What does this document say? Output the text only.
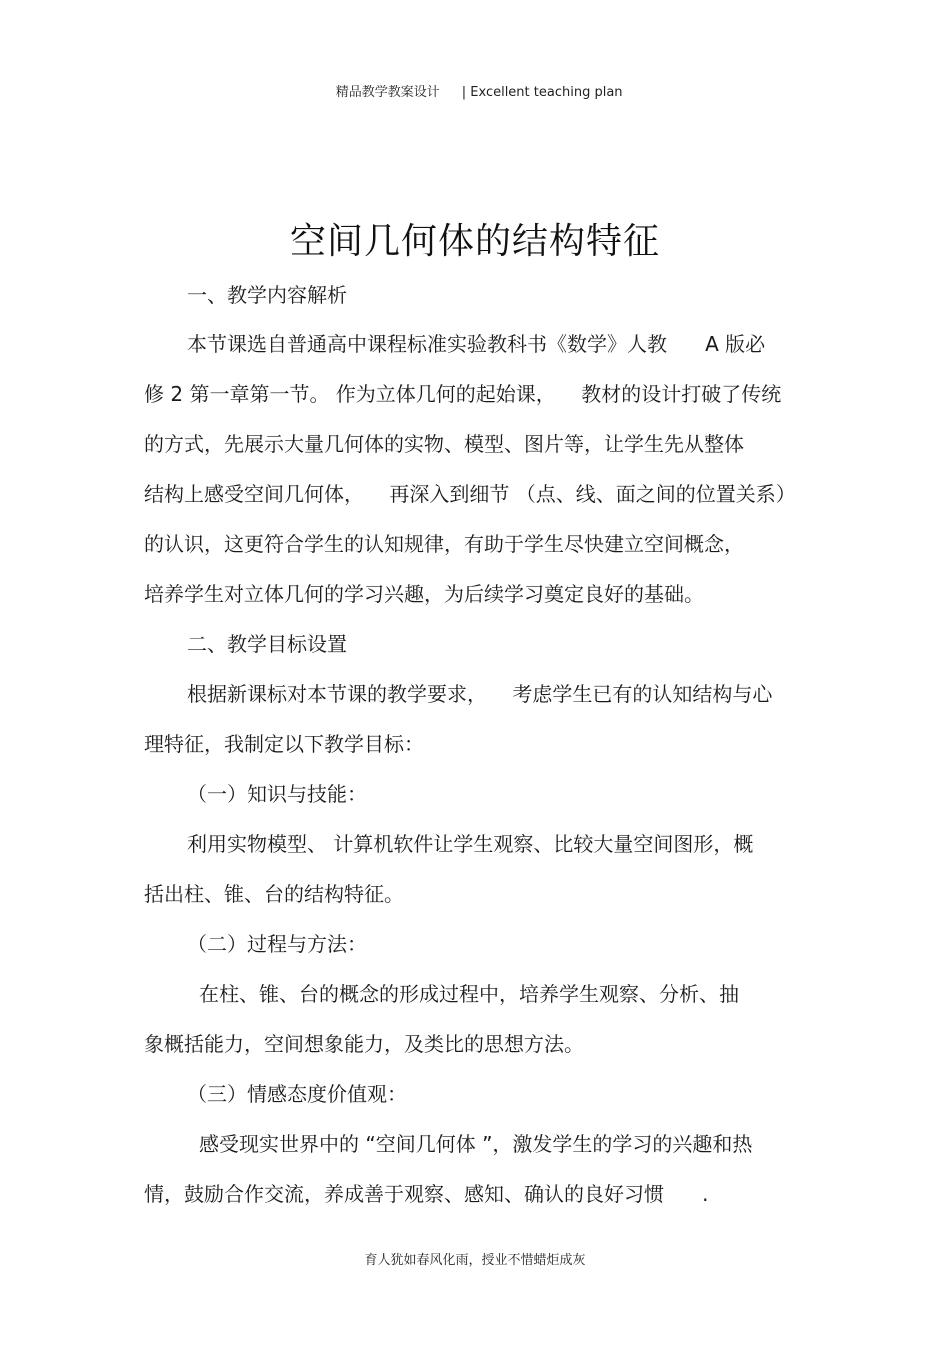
精品教学教案设计 | Excellent teaching plan

空间几何体的结构特征
一、教学内容解析
本节课选自普通高中课程标准实验教科书《数学》人教      A 版必
修 2 第一章第一节。 作为立体几何的起始课，    教材的设计打破了传统
的方式，先展示大量几何体的实物、模型、图片等，让学生先从整体
结构上感受空间几何体，    再深入到细节 （点、线、面之间的位置关系）
的认识，这更符合学生的认知规律，有助于学生尽快建立空间概念，
培养学生对立体几何的学习兴趣，为后续学习奠定良好的基础。
二、教学目标设置
根据新课标对本节课的教学要求，    考虑学生已有的认知结构与心
理特征，我制定以下教学目标：
（一）知识与技能：
利用实物模型、 计算机软件让学生观察、比较大量空间图形，概
括出柱、锥、台的结构特征。
（二）过程与方法：
在柱、锥、台的概念的形成过程中，培养学生观察、分析、抽
象概括能力，空间想象能力，及类比的思想方法。
（三）情感态度价值观：
感受现实世界中的 “空间几何体 ”，激发学生的学习的兴趣和热
情，鼓励合作交流，养成善于观察、感知、确认的良好习惯      .
育人犹如春风化雨，授业不惜蜡炬成灰
